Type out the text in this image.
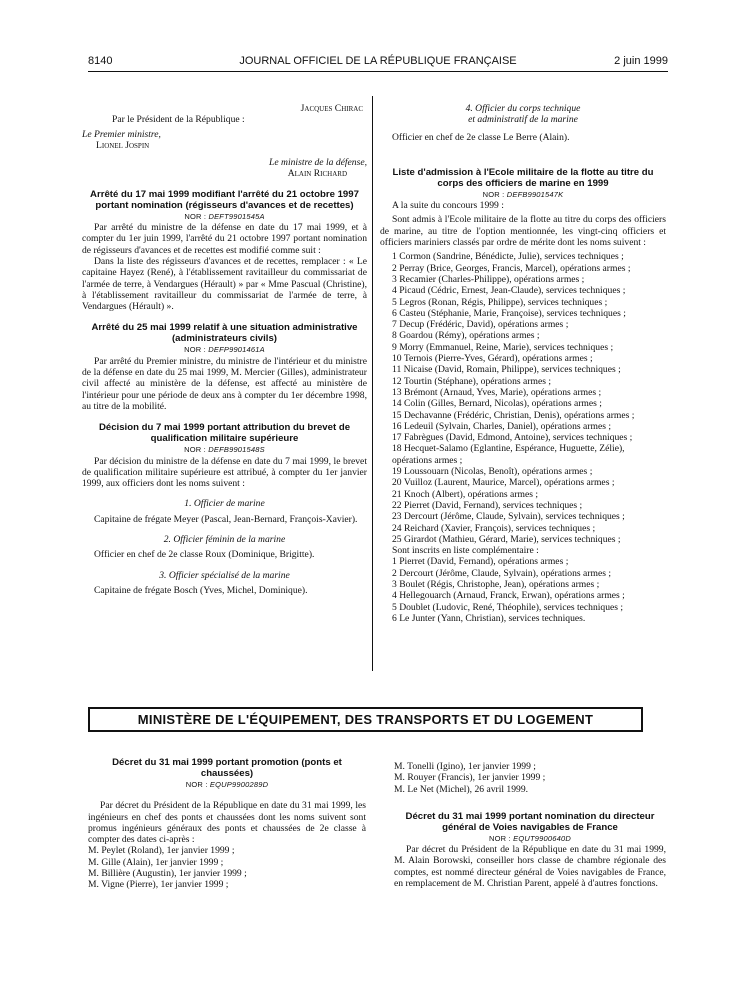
8140	JOURNAL OFFICIEL DE LA RÉPUBLIQUE FRANÇAISE	2 juin 1999

Jacques Chirac

Par le Président de la République :

Le Premier ministre,

Lionel Jospin

Le ministre de la défense,

Alain Richard

Arrêté du 17 mai 1999 modifiant l'arrêté du 21 octobre 1997 portant nomination (régisseurs d'avances et de recettes)

NOR : DEFT9901545A

Par arrêté du ministre de la défense en date du 17 mai 1999, et à compter du 1er juin 1999, l'arrêté du 21 octobre 1997 portant nomination de régisseurs d'avances et de recettes est modifié comme suit :

Dans la liste des régisseurs d'avances et de recettes, remplacer : « Le capitaine Hayez (René), à l'établissement ravitailleur du commissariat de l'armée de terre, à Vendargues (Hérault) » par « Mme Pascual (Christine), à l'établissement ravitailleur du commissariat de l'armée de terre, à Vendargues (Hérault) ».

Arrêté du 25 mai 1999 relatif à une situation administrative (administrateurs civils)

NOR : DEFP9901461A

Par arrêté du Premier ministre, du ministre de l'intérieur et du ministre de la défense en date du 25 mai 1999, M. Mercier (Gilles), administrateur civil affecté au ministère de la défense, est affecté au ministère de l'intérieur pour une période de deux ans à compter du 1er décembre 1998, au titre de la mobilité.

Décision du 7 mai 1999 portant attribution du brevet de qualification militaire supérieure

NOR : DEFB9901548S

Par décision du ministre de la défense en date du 7 mai 1999, le brevet de qualification militaire supérieure est attribué, à compter du 1er janvier 1999, aux officiers dont les noms suivent :

1. Officier de marine

Capitaine de frégate Meyer (Pascal, Jean-Bernard, François-Xavier).

2. Officier féminin de la marine

Officier en chef de 2e classe Roux (Dominique, Brigitte).

3. Officier spécialisé de la marine

Capitaine de frégate Bosch (Yves, Michel, Dominique).

4. Officier du corps technique

et administratif de la marine

Officier en chef de 2e classe Le Berre (Alain).

Liste d'admission à l'Ecole militaire de la flotte au titre du corps des officiers de marine en 1999

NOR : DEFB9901547K

A la suite du concours 1999 :

Sont admis à l'Ecole militaire de la flotte au titre du corps des officiers de marine, au titre de l'option mentionnée, les vingt-cinq officiers et officiers mariniers classés par ordre de mérite dont les noms suivent :

1 Cormon (Sandrine, Bénédicte, Julie), services techniques ;

2 Perray (Brice, Georges, Francis, Marcel), opérations armes ;

3 Recamier (Charles-Philippe), opérations armes ;

4 Picaud (Cédric, Ernest, Jean-Claude), services techniques ;

5 Legros (Ronan, Régis, Philippe), services techniques ;

6 Casteu (Stéphanie, Marie, Françoise), services techniques ;

7 Decup (Frédéric, David), opérations armes ;

8 Goardou (Rémy), opérations armes ;

9 Morry (Emmanuel, Reine, Marie), services techniques ;

10 Ternois (Pierre-Yves, Gérard), opérations armes ;

11 Nicaise (David, Romain, Philippe), services techniques ;

12 Tourtin (Stéphane), opérations armes ;

13 Brémont (Arnaud, Yves, Marie), opérations armes ;

14 Colin (Gilles, Bernard, Nicolas), opérations armes ;

15 Dechavanne (Frédéric, Christian, Denis), opérations armes ;

16 Ledeuil (Sylvain, Charles, Daniel), opérations armes ;

17 Fabrègues (David, Edmond, Antoine), services techniques ;

18 Hecquet-Salamo (Eglantine, Espérance, Huguette, Zélie), opérations armes ;

19 Loussouarn (Nicolas, Benoît), opérations armes ;

20 Vuilloz (Laurent, Maurice, Marcel), opérations armes ;

21 Knoch (Albert), opérations armes ;

22 Pierret (David, Fernand), services techniques ;

23 Dercourt (Jérôme, Claude, Sylvain), services techniques ;

24 Reichard (Xavier, François), services techniques ;

25 Girardot (Mathieu, Gérard, Marie), services techniques ;

Sont inscrits en liste complémentaire :

1 Pierret (David, Fernand), opérations armes ;

2 Dercourt (Jérôme, Claude, Sylvain), opérations armes ;

3 Boulet (Régis, Christophe, Jean), opérations armes ;

4 Hellegouarch (Arnaud, Franck, Erwan), opérations armes ;

5 Doublet (Ludovic, René, Théophile), services techniques ;

6 Le Junter (Yann, Christian), services techniques.

MINISTÈRE DE L'ÉQUIPEMENT, DES TRANSPORTS ET DU LOGEMENT

Décret du 31 mai 1999 portant promotion (ponts et chaussées)

NOR : EQUP9900289D

Par décret du Président de la République en date du 31 mai 1999, les ingénieurs en chef des ponts et chaussées dont les noms suivent sont promus ingénieurs généraux des ponts et chaussées de 2e classe à compter des dates ci-après :

M. Peylet (Roland), 1er janvier 1999 ;

M. Gille (Alain), 1er janvier 1999 ;

M. Billière (Augustin), 1er janvier 1999 ;

M. Vigne (Pierre), 1er janvier 1999 ;

M. Tonelli (Igino), 1er janvier 1999 ;

M. Rouyer (Francis), 1er janvier 1999 ;

M. Le Net (Michel), 26 avril 1999.

Décret du 31 mai 1999 portant nomination du directeur général de Voies navigables de France

NOR : EQUT9900640D

Par décret du Président de la République en date du 31 mai 1999, M. Alain Borowski, conseiller hors classe de chambre régionale des comptes, est nommé directeur général de Voies navigables de France, en remplacement de M. Christian Parent, appelé à d'autres fonctions.
